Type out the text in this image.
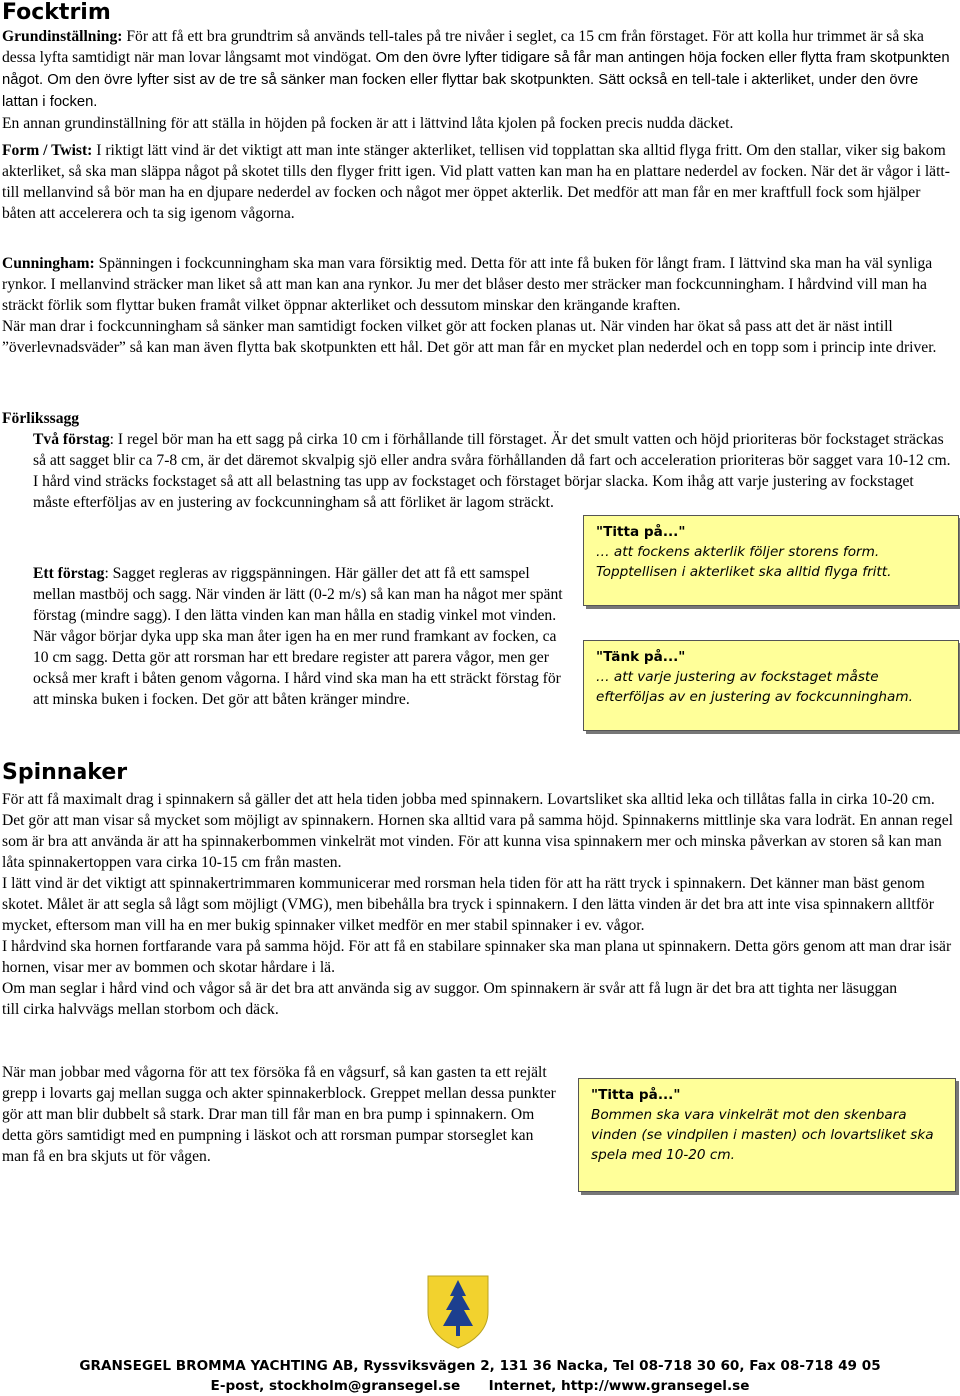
Focktrim

Grundinställning: För att få ett bra grundtrim så används tell-tales på tre nivåer i seglet, ca 15 cm från förstaget. För att kolla hur trimmet är så ska dessa lyfta samtidigt när man lovar långsamt mot vindögat. Om den övre lyfter tidigare så får man antingen höja focken eller flytta fram skotpunkten något. Om den övre lyfter sist av de tre så sänker man focken eller flyttar bak skotpunkten. Sätt också en tell-tale i akterliket, under den övre lattan i focken.

En annan grundinställning för att ställa in höjden på focken är att i lättvind låta kjolen på focken precis nudda däcket.

Form / Twist: I riktigt lätt vind är det viktigt att man inte stänger akterliket, tellisen vid topplattan ska alltid flyga fritt. Om den stallar, viker sig bakom akterliket, så ska man släppa något på skotet tills den flyger fritt igen. Vid platt vatten kan man ha en plattare nederdel av focken. När det är vågor i lätt- till mellanvind så bör man ha en djupare nederdel av focken och något mer öppet akterlik. Det medför att man får en mer kraftfull fock som hjälper båten att accelerera och ta sig igenom vågorna.

Cunningham: Spänningen i fockcunningham ska man vara försiktig med. Detta för att inte få buken för långt fram. I lättvind ska man ha väl synliga rynkor. I mellanvind sträcker man liket så att man kan ana rynkor. Ju mer det blåser desto mer sträcker man fockcunningham. I hårdvind vill man ha sträckt förlik som flyttar buken framåt vilket öppnar akterliket och dessutom minskar den krängande kraften.

När man drar i fockcunningham så sänker man samtidigt focken vilket gör att focken planas ut. När vinden har ökat så pass att det är näst intill ”överlevnadsväder” så kan man även flytta bak skotpunkten ett hål. Det gör att man får en mycket plan nederdel och en topp som i princip inte driver.

Förlikssagg
Två förstag: I regel bör man ha ett sagg på cirka 10 cm i förhållande till förstaget. Är det smult vatten och höjd prioriteras bör fockstaget sträckas så att sagget blir ca 7-8 cm, är det däremot skvalpig sjö eller andra svåra förhållanden då fart och acceleration prioriteras bör sagget vara 10-12 cm. I hård vind sträcks fockstaget så att all belastning tas upp av fockstaget och förstaget börjar slacka. Kom ihåg att varje justering av fockstaget måste efterföljas av en justering av fockcunningham så att förliket är lagom sträckt.
Ett förstag: Sagget regleras av riggspänningen. Här gäller det att få ett samspel mellan mastböj och sagg. När vinden är lätt (0-2 m/s) så kan man ha något mer spänt förstag (mindre sagg). I den lätta vinden kan man hålla en stadig vinkel mot vinden. När vågor börjar dyka upp ska man åter igen ha en mer rund framkant av focken, ca 10 cm sagg. Detta gör att rorsman har ett bredare register att parera vågor, men ger också mer kraft i båten genom vågorna. I hård vind ska man ha ett sträckt förstag för att minska buken i focken. Det gör att båten kränger mindre.
"Titta på..."
… att fockens akterlik följer storens form. Topptellisen i akterliket ska alltid flyga fritt.
"Tänk på..."
… att varje justering av fockstaget måste efterföljas av en justering av fockcunningham.
Spinnaker

För att få maximalt drag i spinnakern så gäller det att hela tiden jobba med spinnakern. Lovartsliket ska alltid leka och tillåtas falla in cirka 10-20 cm. Det gör att man visar så mycket som möjligt av spinnakern. Hornen ska alltid vara på samma höjd. Spinnakerns mittlinje ska vara lodrät. En annan regel som är bra att använda är att ha spinnakerbommen vinkelrät mot vinden. För att kunna visa spinnakern mer och minska påverkan av storen så kan man låta spinnakertoppen vara cirka 10-15 cm från masten.

I lätt vind är det viktigt att spinnakertrimmaren kommunicerar med rorsman hela tiden för att ha rätt tryck i spinnakern. Det känner man bäst genom skotet. Målet är att segla så lågt som möjligt (VMG), men bibehålla bra tryck i spinnakern. I den lätta vinden är det bra att inte visa spinnakern alltför mycket, eftersom man vill ha en mer bukig spinnaker vilket medför en mer stabil spinnaker i ev. vågor.

I hårdvind ska hornen fortfarande vara på samma höjd. För att få en stabilare spinnaker ska man plana ut spinnakern. Detta görs genom att man drar isär hornen, visar mer av bommen och skotar hårdare i lä.

Om man seglar i hård vind och vågor så är det bra att använda sig av suggor. Om spinnakern är svår att få lugn är det bra att tighta ner läsuggan till cirka halvvägs mellan storbom och däck.

När man jobbar med vågorna för att tex försöka få en vågsurf, så kan gasten ta ett rejält grepp i lovarts gaj mellan sugga och akter spinnakerblock. Greppet mellan dessa punkter gör att man blir dubbelt så stark. Drar man till får man en bra pump i spinnakern. Om detta görs samtidigt med en pumpning i läskot och att rorsman pumpar storseglet kan man få en bra skjuts ut för vågen.

"Titta på..."
Bommen ska vara vinkelrät mot den skenbara vinden (se vindpilen i masten) och lovartsliket ska spela med 10-20 cm.
GRANSEGEL BROMMA YACHTING AB, Ryssviksvägen 2, 131 36 Nacka, Tel 08-718 30 60, Fax 08-718 49 05
E-post, stockholm@gransegel.se      Internet, http://www.gransegel.se
